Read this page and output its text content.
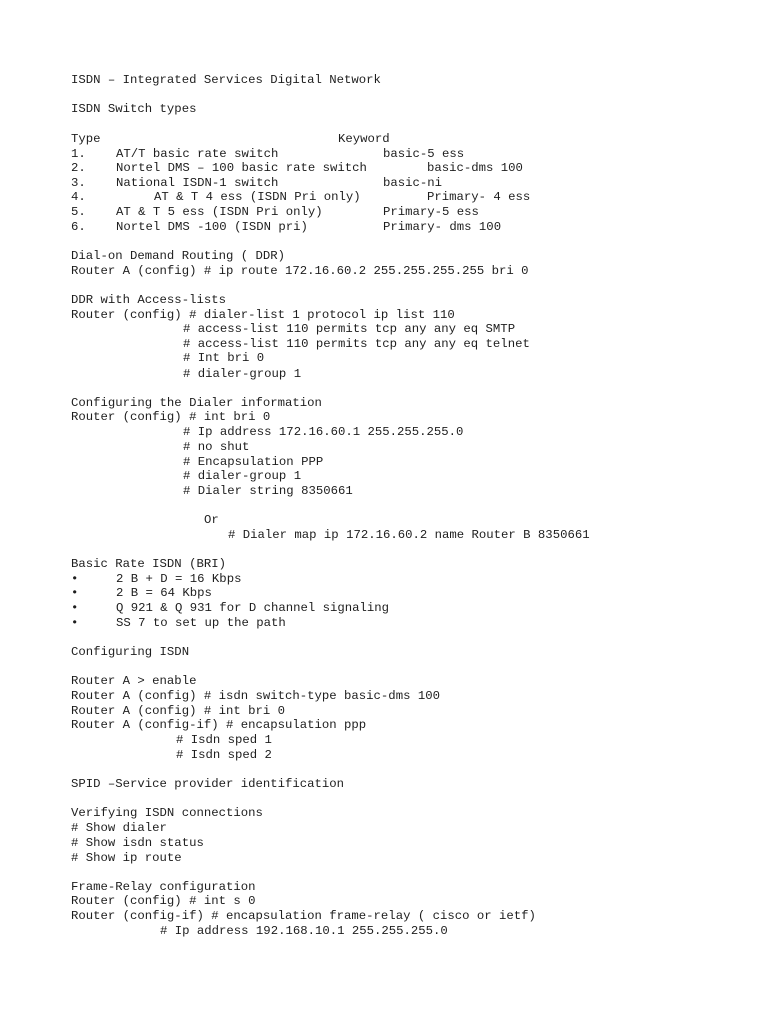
ISDN – Integrated Services Digital Network
ISDN Switch types
Type	Keyword
1. AT/T basic rate switch	basic-5 ess
2. Nortel DMS – 100 basic rate switch	basic-dms 100
3. National ISDN-1 switch	basic-ni
4.	AT & T 4 ess (ISDN Pri only)	Primary- 4 ess
5. AT & T 5 ess (ISDN Pri only)	Primary-5 ess
6. Nortel DMS -100 (ISDN pri)	Primary- dms 100
Dial-on Demand Routing ( DDR)
Router A (config) # ip route 172.16.60.2 255.255.255.255 bri 0
DDR with Access-lists
Router (config) # dialer-list 1 protocol ip list 110
# access-list 110 permits tcp any any eq SMTP
# access-list 110 permits tcp any any eq telnet
# Int bri 0
# dialer-group 1
Configuring the Dialer information
Router (config) # int bri 0
# Ip address 172.16.60.1 255.255.255.0
# no shut
# Encapsulation PPP
# dialer-group 1
# Dialer string 8350661
Or
# Dialer map ip 172.16.60.2 name Router B 8350661
Basic Rate ISDN (BRI)
•	2 B + D = 16 Kbps
•	2 B = 64 Kbps
•	Q 921 & Q 931 for D channel signaling
•	SS 7 to set up the path
Configuring ISDN
Router A > enable
Router A (config) # isdn switch-type basic-dms 100
Router A (config) # int bri 0
Router A (config-if) # encapsulation ppp
# Isdn sped 1
# Isdn sped 2
SPID –Service provider identification
Verifying ISDN connections
# Show dialer
# Show isdn status
# Show ip route
Frame-Relay configuration
Router (config) # int s 0
Router (config-if) # encapsulation frame-relay ( cisco or ietf)
# Ip address 192.168.10.1 255.255.255.0
